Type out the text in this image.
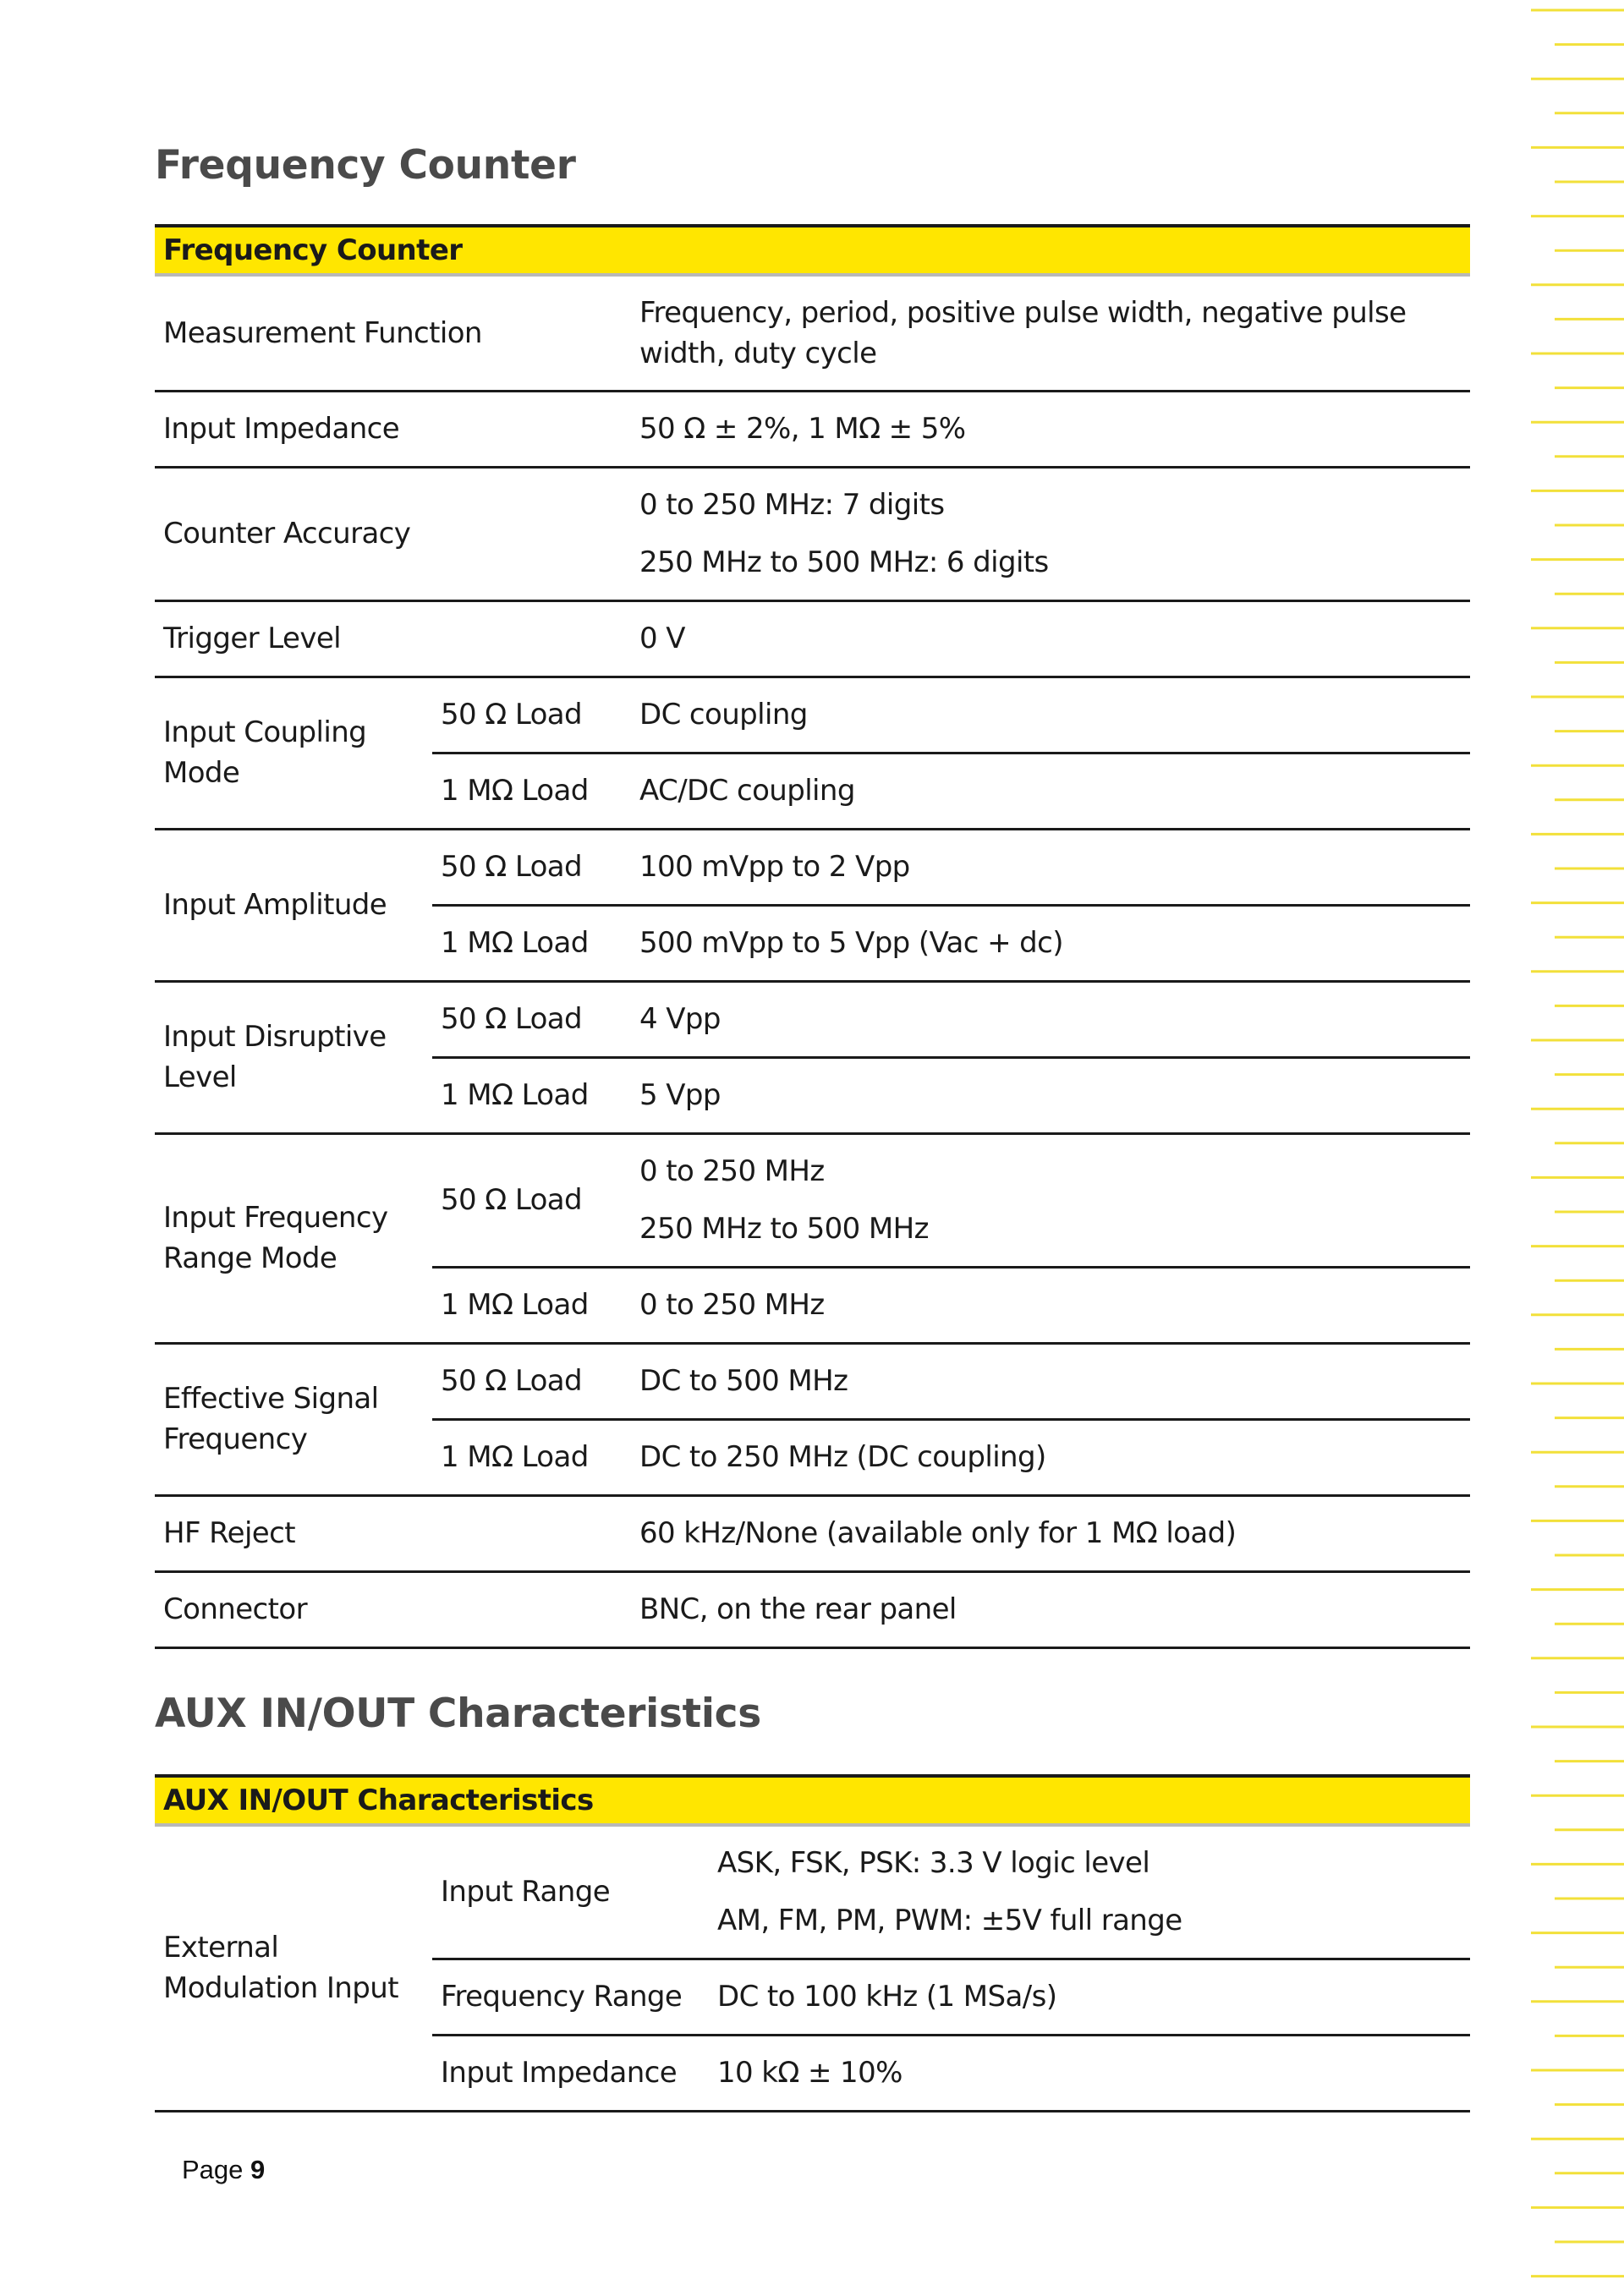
Frequency Counter
Frequency Counter		
Measurement Function		Frequency, period, positive pulse width, negative pulse width, duty cycle
Input Impedance		50 Ω ± 2%, 1 MΩ ± 5%
Counter Accuracy		0 to 250 MHz: 7 digits
250 MHz to 500 MHz: 6 digits

Trigger Level		0 V
Input Coupling Mode	50 Ω Load	DC coupling
	1 MΩ Load	AC/DC coupling
Input Amplitude	50 Ω Load	100 mVpp to 2 Vpp
	1 MΩ Load	500 mVpp to 5 Vpp (Vac + dc)
Input Disruptive Level	50 Ω Load	4 Vpp
	1 MΩ Load	5 Vpp
Input Frequency Range Mode	50 Ω Load	0 to 250 MHz
250 MHz to 500 MHz

	1 MΩ Load	0 to 250 MHz
Effective Signal Frequency	50 Ω Load	DC to 500 MHz
	1 MΩ Load	DC to 250 MHz (DC coupling)
HF Reject		60 kHz/None (available only for 1 MΩ load)
Connector		BNC, on the rear panel
AUX IN/OUT Characteristics
AUX IN/OUT Characteristics		
External Modulation Input	Input Range	ASK, FSK, PSK: 3.3 V logic level
AM, FM, PM, PWM: ±5V full range

	Frequency Range	DC to 100 kHz (1 MSa/s)
	Input Impedance	10 kΩ ± 10%
Page 9
